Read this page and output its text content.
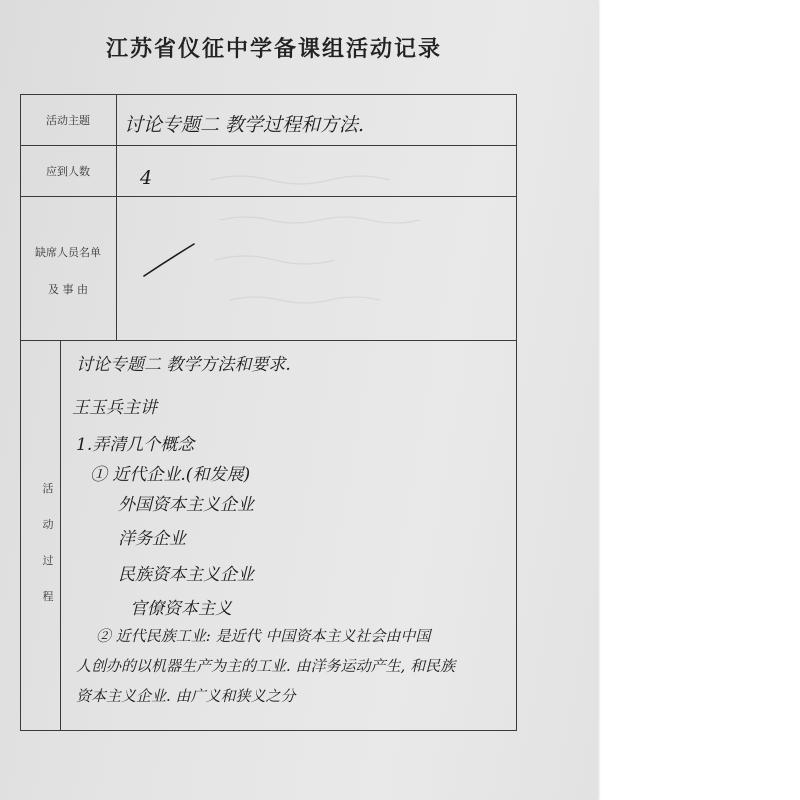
江苏省仪征中学备课组活动记录
活动主题
应到人数
缺席人员名单
及 事 由
活
动
过
程
讨论专题二 教学过程和方法.
4
讨论专题二 教学方法和要求.
王玉兵主讲
1.弄清几个概念
① 近代企业.(和发展)
外国资本主义企业
洋务企业
民族资本主义企业
官僚资本主义
② 近代民族工业: 是近代 中国资本主义社会由中国
人创办的以机器生产为主的工业. 由洋务运动产生, 和民族
资本主义企业. 由广义和狭义之分
